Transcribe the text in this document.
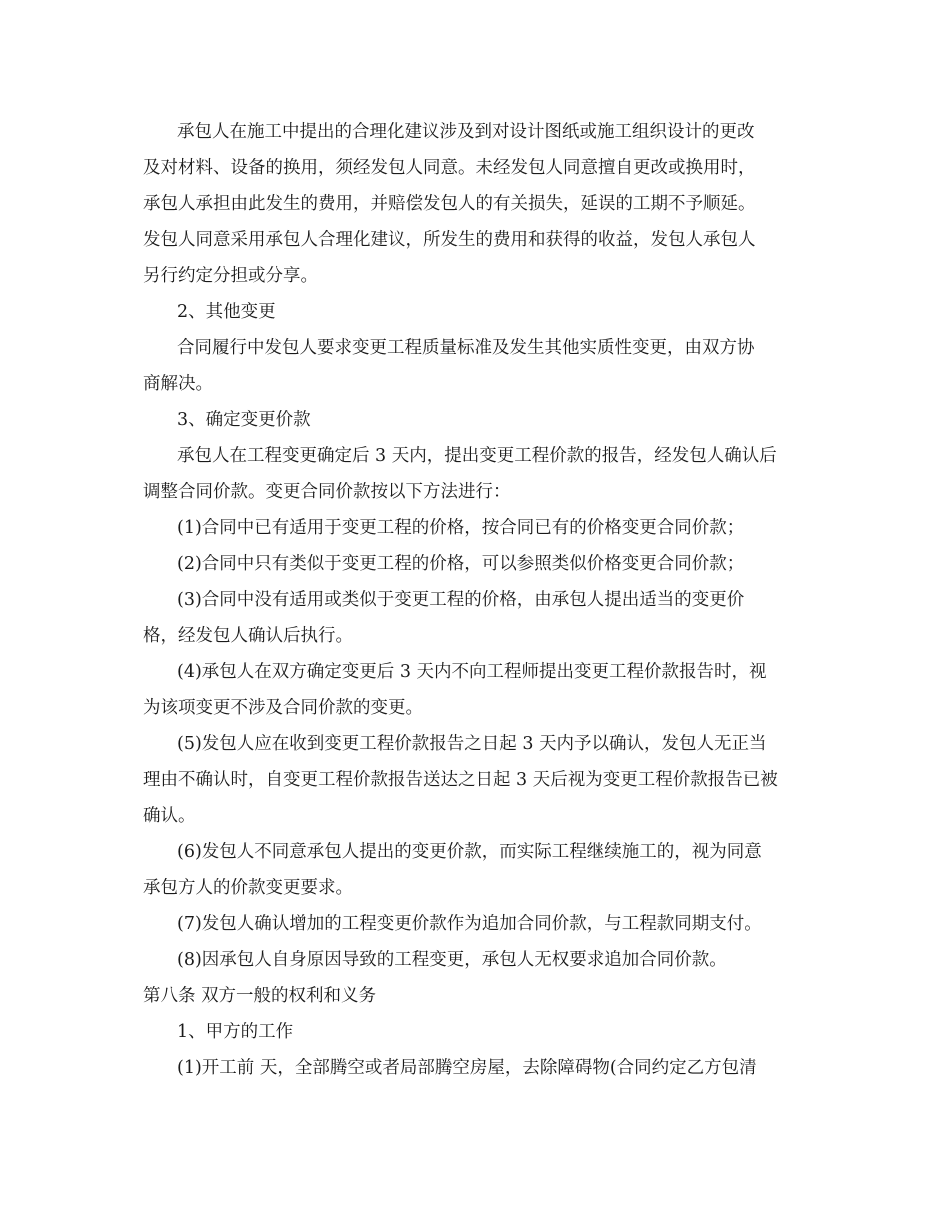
承包人在施工中提出的合理化建议涉及到对设计图纸或施工组织设计的更改
及对材料、设备的换用，须经发包人同意。未经发包人同意擅自更改或换用时，
承包人承担由此发生的费用，并赔偿发包人的有关损失，延误的工期不予顺延。
发包人同意采用承包人合理化建议，所发生的费用和获得的收益，发包人承包人
另行约定分担或分享。
2、其他变更
合同履行中发包人要求变更工程质量标准及发生其他实质性变更，由双方协
商解决。
3、确定变更价款
承包人在工程变更确定后 3 天内，提出变更工程价款的报告，经发包人确认后
调整合同价款。变更合同价款按以下方法进行：
(1)合同中已有适用于变更工程的价格，按合同已有的价格变更合同价款；
(2)合同中只有类似于变更工程的价格，可以参照类似价格变更合同价款；
(3)合同中没有适用或类似于变更工程的价格，由承包人提出适当的变更价
格，经发包人确认后执行。
(4)承包人在双方确定变更后 3 天内不向工程师提出变更工程价款报告时，视
为该项变更不涉及合同价款的变更。
(5)发包人应在收到变更工程价款报告之日起 3 天内予以确认，发包人无正当
理由不确认时，自变更工程价款报告送达之日起 3 天后视为变更工程价款报告已被
确认。
(6)发包人不同意承包人提出的变更价款，而实际工程继续施工的，视为同意
承包方人的价款变更要求。
(7)发包人确认增加的工程变更价款作为追加合同价款，与工程款同期支付。
(8)因承包人自身原因导致的工程变更，承包人无权要求追加合同价款。
第八条 双方一般的权利和义务
1、甲方的工作
(1)开工前 天，全部腾空或者局部腾空房屋，去除障碍物(合同约定乙方包清
